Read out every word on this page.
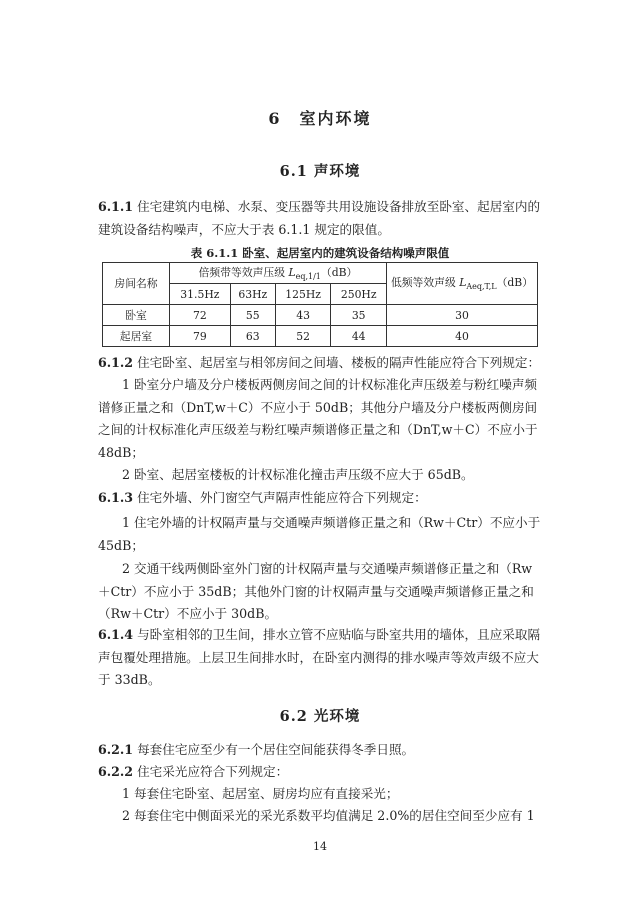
6　室内环境
6.1 声环境
6.1.1 住宅建筑内电梯、水泵、变压器等共用设施设备排放至卧室、起居室内的建筑设备结构噪声，不应大于表 6.1.1 规定的限值。
表 6.1.1 卧室、起居室内的建筑设备结构噪声限值
房间名称	倍频带等效声压级 $L_{eq,1/1}(dB)$				低频等效声级 $L_{Aeq,T,L}(dB)$
	31.5Hz	63Hz	125Hz	250Hz	
卧室	72	55	43	35	30
起居室	79	63	52	44	40
6.1.2 住宅卧室、起居室与相邻房间之间墙、楼板的隔声性能应符合下列规定：
1 卧室分户墙及分户楼板两侧房间之间的计权标准化声压级差与粉红噪声频谱修正量之和（DnT,w＋C）不应小于 50dB；其他分户墙及分户楼板两侧房间之间的计权标准化声压级差与粉红噪声频谱修正量之和（DnT,w＋C）不应小于48dB；
2 卧室、起居室楼板的计权标准化撞击声压级不应大于 65dB。
6.1.3 住宅外墙、外门窗空气声隔声性能应符合下列规定：
1 住宅外墙的计权隔声量与交通噪声频谱修正量之和（Rw＋Ctr）不应小于45dB；
2 交通干线两侧卧室外门窗的计权隔声量与交通噪声频谱修正量之和（Rw＋Ctr）不应小于 35dB；其他外门窗的计权隔声量与交通噪声频谱修正量之和（Rw＋Ctr）不应小于 30dB。
6.1.4 与卧室相邻的卫生间，排水立管不应贴临与卧室共用的墙体，且应采取隔声包覆处理措施。上层卫生间排水时，在卧室内测得的排水噪声等效声级不应大于 33dB。
6.2 光环境
6.2.1 每套住宅应至少有一个居住空间能获得冬季日照。
6.2.2 住宅采光应符合下列规定：
1 每套住宅卧室、起居室、厨房均应有直接采光；
2 每套住宅中侧面采光的采光系数平均值满足 2.0%的居住空间至少应有 1
14
